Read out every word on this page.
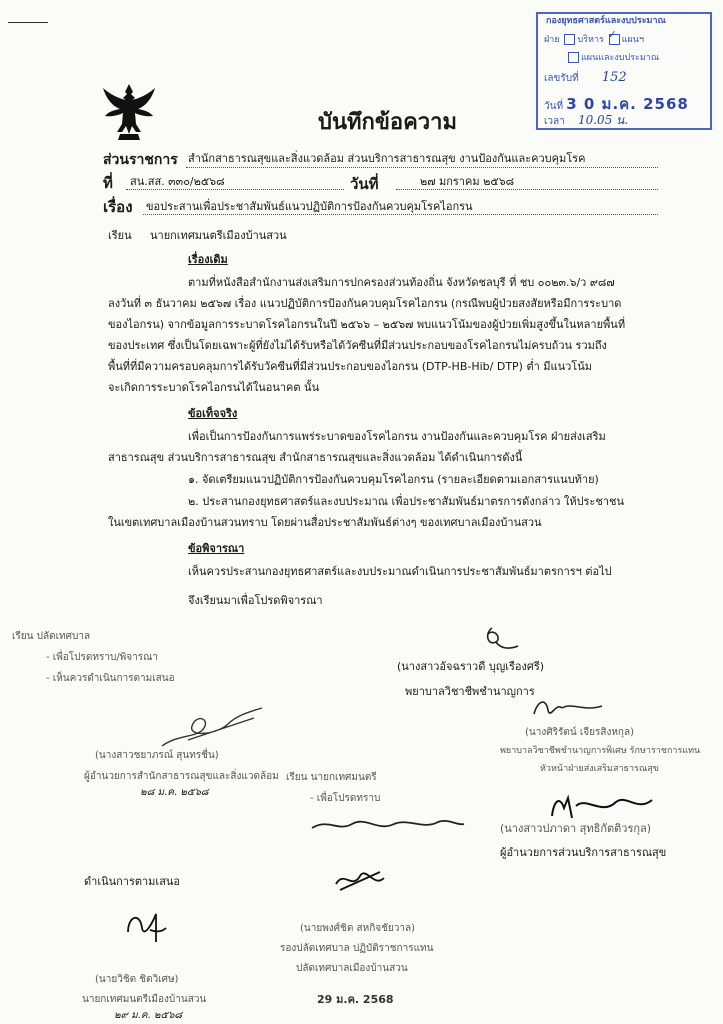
กองยุทธศาสตร์และงบประมาณ
ฝ่าย บริหาร ✓ แผนฯ
แผนและงบประมาณ
เลขรับที่ 152
วันที่ 3 0 ม.ค. 2568
เวลา 10.05 น.
บันทึกข้อความ
ส่วนราชการ สำนักสาธารณสุขและสิ่งแวดล้อม ส่วนบริการสาธารณสุข งานป้องกันและควบคุมโรค
ที่ สน.สส. ๓๓๐/๒๕๖๘	วันที่	๒๗ มกราคม ๒๕๖๘
เรื่อง ขอประสานเพื่อประชาสัมพันธ์แนวปฏิบัติการป้องกันควบคุมโรคไอกรน
เรียน นายกเทศมนตรีเมืองบ้านสวน
เรื่องเดิม
ตามที่หนังสือสำนักงานส่งเสริมการปกครองส่วนท้องถิ่น จังหวัดชลบุรี ที่ ชบ ๐๐๒๓.๖/ว ๙๘๗
ลงวันที่ ๓ ธันวาคม ๒๕๖๗ เรื่อง แนวปฏิบัติการป้องกันควบคุมโรคไอกรน (กรณีพบผู้ป่วยสงสัยหรือมีการระบาด
ของไอกรน) จากข้อมูลการระบาดโรคไอกรนในปี ๒๕๖๖ – ๒๕๖๗ พบแนวโน้มของผู้ป่วยเพิ่มสูงขึ้นในหลายพื้นที่
ของประเทศ ซึ่งเป็นโดยเฉพาะผู้ที่ยังไม่ได้รับหรือได้วัคซีนที่มีส่วนประกอบของโรคไอกรนไม่ครบถ้วน รวมถึง
พื้นที่ที่มีความครอบคลุมการได้รับวัคซีนที่มีส่วนประกอบของไอกรน (DTP-HB-Hib/ DTP) ต่ำ มีแนวโน้ม
จะเกิดการระบาดโรคไอกรนได้ในอนาคต นั้น
ข้อเท็จจริง
เพื่อเป็นการป้องกันการแพร่ระบาดของโรคไอกรน งานป้องกันและควบคุมโรค ฝ่ายส่งเสริม
สาธารณสุข ส่วนบริการสาธารณสุข สำนักสาธารณสุขและสิ่งแวดล้อม ได้ดำเนินการดังนี้
๑. จัดเตรียมแนวปฏิบัติการป้องกันควบคุมโรคไอกรน (รายละเอียดตามเอกสารแนบท้าย)
๒. ประสานกองยุทธศาสตร์และงบประมาณ เพื่อประชาสัมพันธ์มาตรการดังกล่าว ให้ประชาชน
ในเขตเทศบาลเมืองบ้านสวนทราบ โดยผ่านสื่อประชาสัมพันธ์ต่างๆ ของเทศบาลเมืองบ้านสวน
ข้อพิจารณา
เห็นควรประสานกองยุทธศาสตร์และงบประมาณดำเนินการประชาสัมพันธ์มาตรการฯ ต่อไป
จึงเรียนมาเพื่อโปรดพิจารณา
(นางสาวอัจฉราวดี บุญเรืองศรี)
พยาบาลวิชาชีพชำนาญการ
เรียน ปลัดเทศบาล
- เพื่อโปรดทราบ/พิจารณา
- เห็นควรดำเนินการตามเสนอ
(นางสาวชยาภรณ์ สุนทรชื่น)
ผู้อำนวยการสำนักสาธารณสุขและสิ่งแวดล้อม
๒๘ ม.ค. ๒๕๖๘
เรียน นายกเทศมนตรี
- เพื่อโปรดทราบ
(นางศิริรัตน์ เจียรสิงหกุล)
พยาบาลวิชาชีพชำนาญการพิเศษ รักษาราชการแทน
หัวหน้าฝ่ายส่งเสริมสาธารณสุข
(นางสาวปภาดา สุทธิกัตติวรกุล)
ผู้อำนวยการส่วนบริการสาธารณสุข
ดำเนินการตามเสนอ
(นายวิชิต ชิตวิเศษ)
นายกเทศมนตรีเมืองบ้านสวน
๒๙ ม.ค. ๒๕๖๘
(นายพงศ์ชิต สหกิจชัยวาล)
รองปลัดเทศบาล ปฏิบัติราชการแทน
ปลัดเทศบาลเมืองบ้านสวน
29 ม.ค. 2568
